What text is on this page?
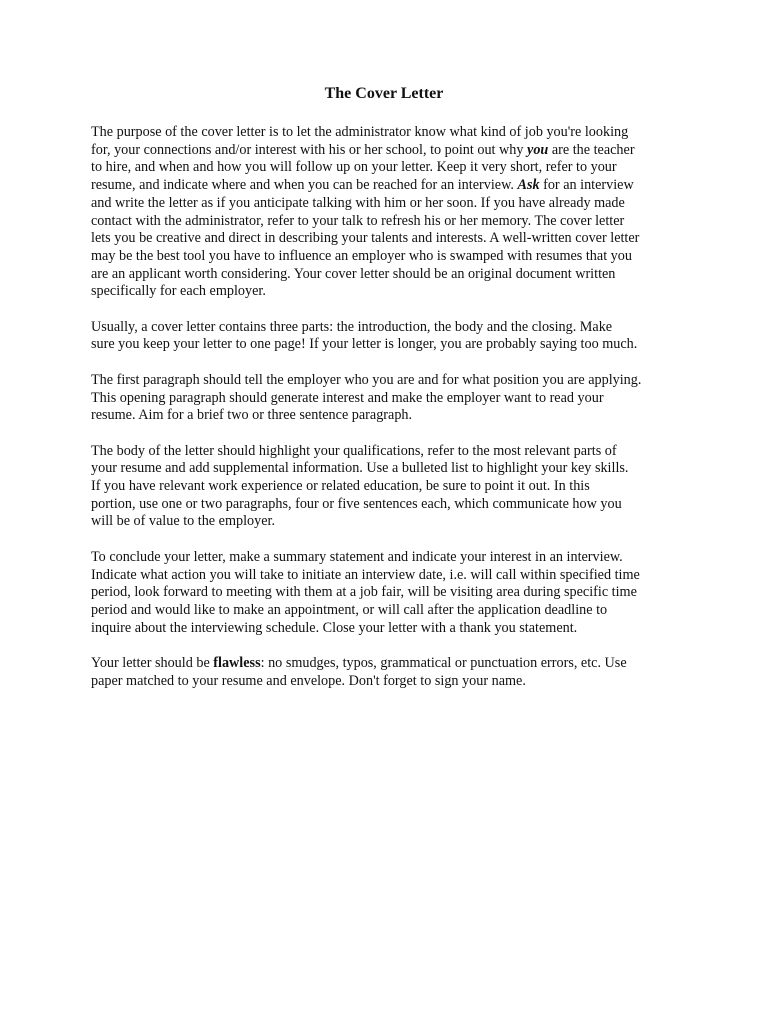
The Cover Letter
The purpose of the cover letter is to let the administrator know what kind of job you're looking
for, your connections and/or interest with his or her school, to point out why you are the teacher
to hire, and when and how you will follow up on your letter. Keep it very short, refer to your
resume, and indicate where and when you can be reached for an interview. Ask for an interview
and write the letter as if you anticipate talking with him or her soon. If you have already made
contact with the administrator, refer to your talk to refresh his or her memory. The cover letter
lets you be creative and direct in describing your talents and interests. A well-written cover letter
may be the best tool you have to influence an employer who is swamped with resumes that you
are an applicant worth considering. Your cover letter should be an original document written
specifically for each employer.
Usually, a cover letter contains three parts: the introduction, the body and the closing. Make
sure you keep your letter to one page! If your letter is longer, you are probably saying too much.
The first paragraph should tell the employer who you are and for what position you are applying.
This opening paragraph should generate interest and make the employer want to read your
resume. Aim for a brief two or three sentence paragraph.
The body of the letter should highlight your qualifications, refer to the most relevant parts of
your resume and add supplemental information. Use a bulleted list to highlight your key skills.
If you have relevant work experience or related education, be sure to point it out. In this
portion, use one or two paragraphs, four or five sentences each, which communicate how you
will be of value to the employer.
To conclude your letter, make a summary statement and indicate your interest in an interview.
Indicate what action you will take to initiate an interview date, i.e. will call within specified time
period, look forward to meeting with them at a job fair, will be visiting area during specific time
period and would like to make an appointment, or will call after the application deadline to
inquire about the interviewing schedule. Close your letter with a thank you statement.
Your letter should be flawless: no smudges, typos, grammatical or punctuation errors, etc. Use
paper matched to your resume and envelope. Don't forget to sign your name.
